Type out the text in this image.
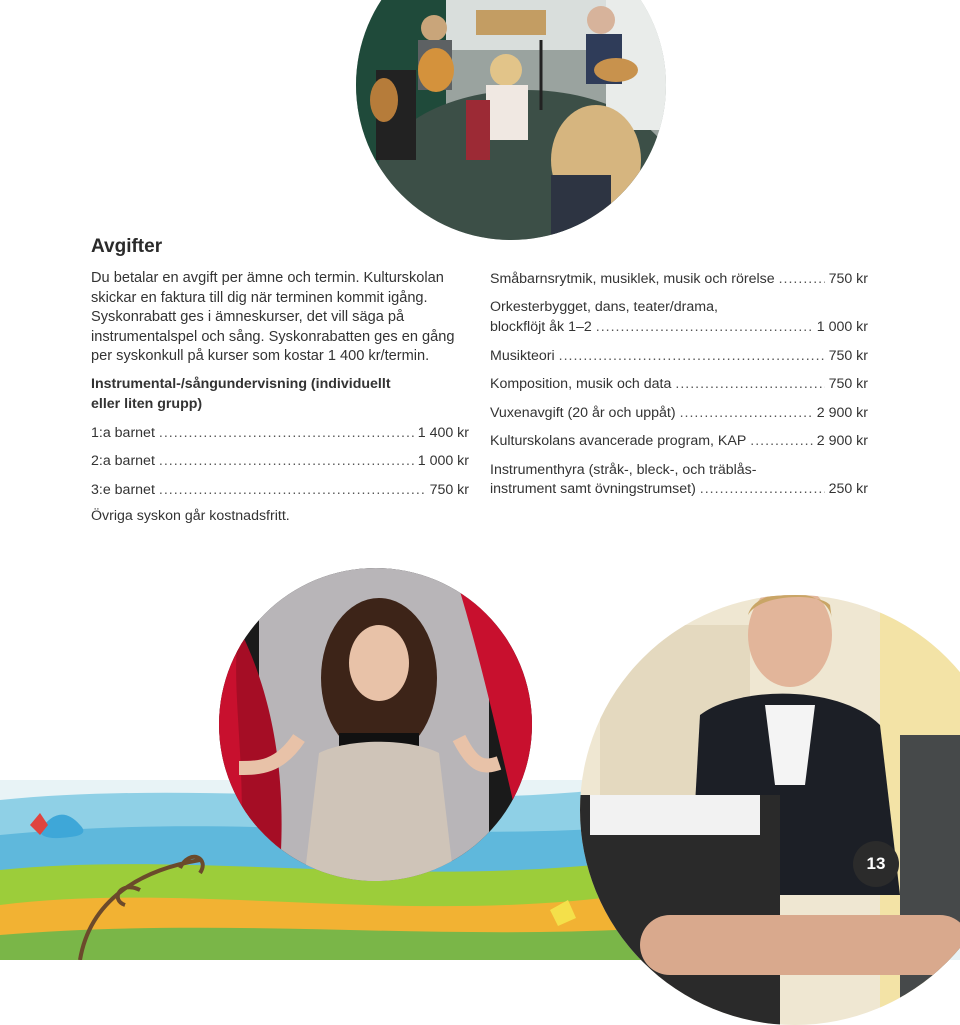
Avgifter

Du betalar en avgift per ämne och termin. Kulturskolan
skickar en faktura till dig när terminen kommit igång.
Syskonrabatt ges i ämneskurser, det vill säga på
instrumentalspel och sång. Syskonrabatten ges en gång
per syskonkull på kurser som kostar 1 400 kr/termin.

Instrumental-/sångundervisning (individuellt
eller liten grupp)

1:a barnet .....	1 400 kr
2:a barnet .....	1 000 kr
3:e barnet .....	750 kr
Övriga syskon går kostnadsfritt.
Småbarnsrytmik, musiklek, musik och rörelse .....	750 kr
Orkesterbygget, dans, teater/drama,
blockflöjt åk 1–2 .....	1 000 kr
Musikteori .....	750 kr
Komposition, musik och data .....	750 kr
Vuxenavgift (20 år och uppåt) .....	2 900 kr
Kulturskolans avancerade program, KAP .....	2 900 kr
Instrumenthyra (stråk-, bleck-, och träblås-
instrument samt övningstrumset) .....	250 kr
13
